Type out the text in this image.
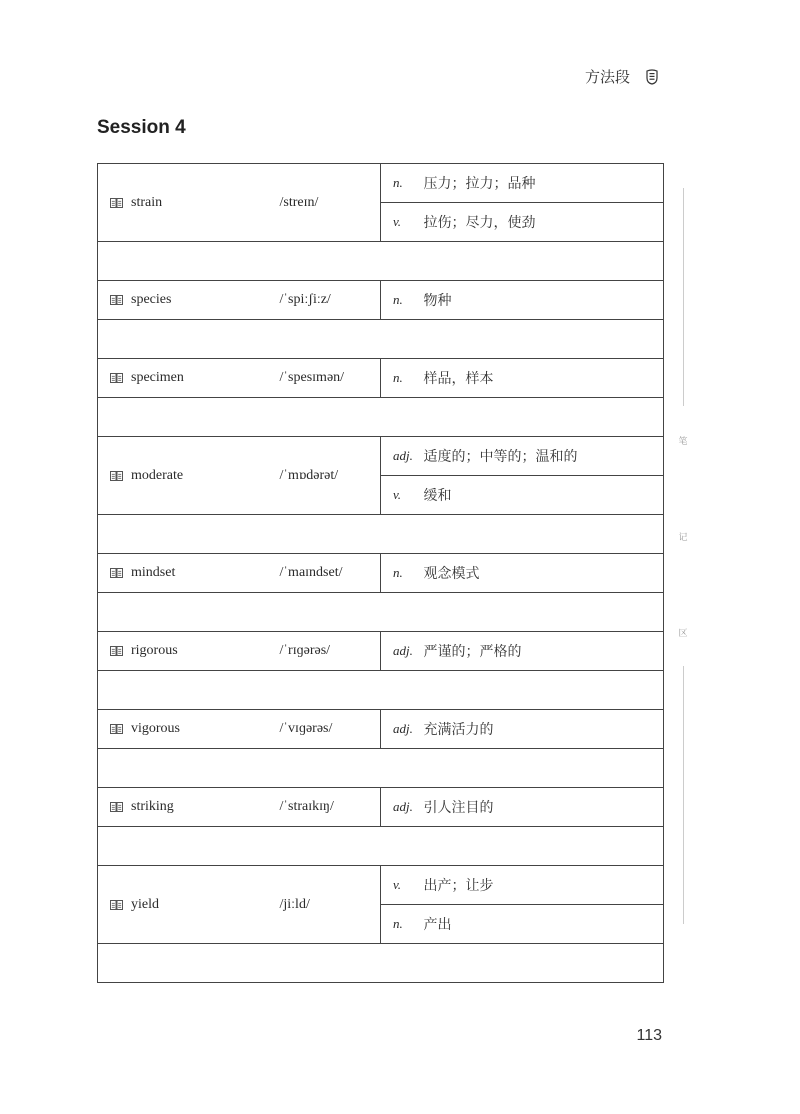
方法段
Session 4
strain	/streɪn/	n.	压力；拉力；品种
		v.	拉伤；尽力，使劲

species	/ˈspiːʃiːz/	n.	物种

specimen	/ˈspesɪmən/	n.	样品，样本

moderate	/ˈmɒdərət/	adj.	适度的；中等的；温和的
		v.	缓和

mindset	/ˈmaɪndset/	n.	观念模式

rigorous	/ˈrɪɡərəs/	adj.	严谨的；严格的

vigorous	/ˈvɪɡərəs/	adj.	充满活力的

striking	/ˈstraɪkɪŋ/	adj.	引人注目的

yield	/jiːld/	v.	出产；让步
		n.	产出

笔
记
区
113
